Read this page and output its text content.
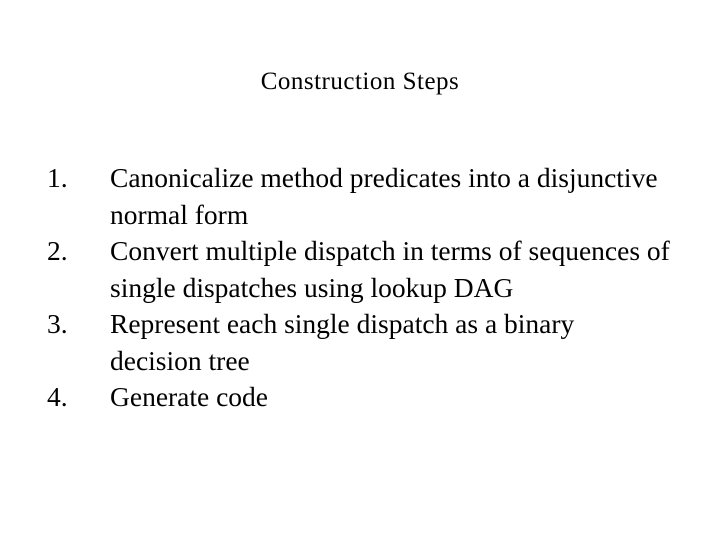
Construction Steps
1.	Canonicalize method predicates into a disjunctive normal form
2.	Convert multiple dispatch in terms of sequences of single dispatches using lookup DAG
3.	Represent each single dispatch as a binary decision tree
4.	Generate code
